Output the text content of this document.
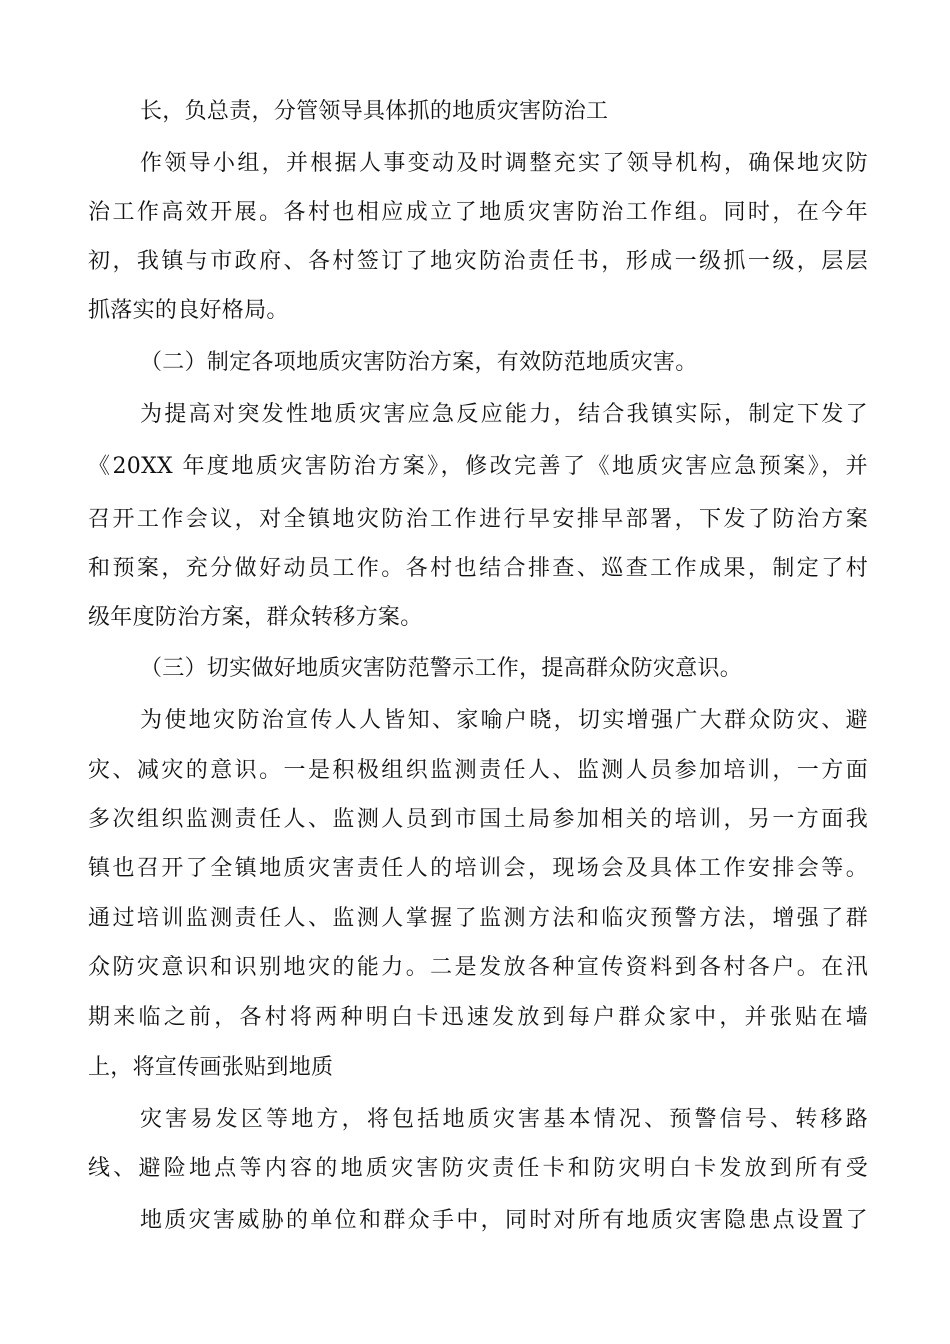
长，负总责，分管领导具体抓的地质灾害防治工
作领导小组，并根据人事变动及时调整充实了领导机构，确保地灾防
治工作高效开展。各村也相应成立了地质灾害防治工作组。同时，在今年
初，我镇与市政府、各村签订了地灾防治责任书，形成一级抓一级，层层
抓落实的良好格局。
（二）制定各项地质灾害防治方案，有效防范地质灾害。
为提高对突发性地质灾害应急反应能力，结合我镇实际，制定下发了
《20XX 年度地质灾害防治方案》，修改完善了《地质灾害应急预案》，并
召开工作会议，对全镇地灾防治工作进行早安排早部署，下发了防治方案
和预案，充分做好动员工作。各村也结合排查、巡查工作成果，制定了村
级年度防治方案，群众转移方案。
（三）切实做好地质灾害防范警示工作，提高群众防灾意识。
为使地灾防治宣传人人皆知、家喻户晓，切实增强广大群众防灾、避
灾、减灾的意识。一是积极组织监测责任人、监测人员参加培训，一方面
多次组织监测责任人、监测人员到市国土局参加相关的培训，另一方面我
镇也召开了全镇地质灾害责任人的培训会，现场会及具体工作安排会等。
通过培训监测责任人、监测人掌握了监测方法和临灾预警方法，增强了群
众防灾意识和识别地灾的能力。二是发放各种宣传资料到各村各户。在汛
期来临之前，各村将两种明白卡迅速发放到每户群众家中，并张贴在墙
上，将宣传画张贴到地质
灾害易发区等地方，将包括地质灾害基本情况、预警信号、转移路
线、避险地点等内容的地质灾害防灾责任卡和防灾明白卡发放到所有受
地质灾害威胁的单位和群众手中，同时对所有地质灾害隐患点设置了
